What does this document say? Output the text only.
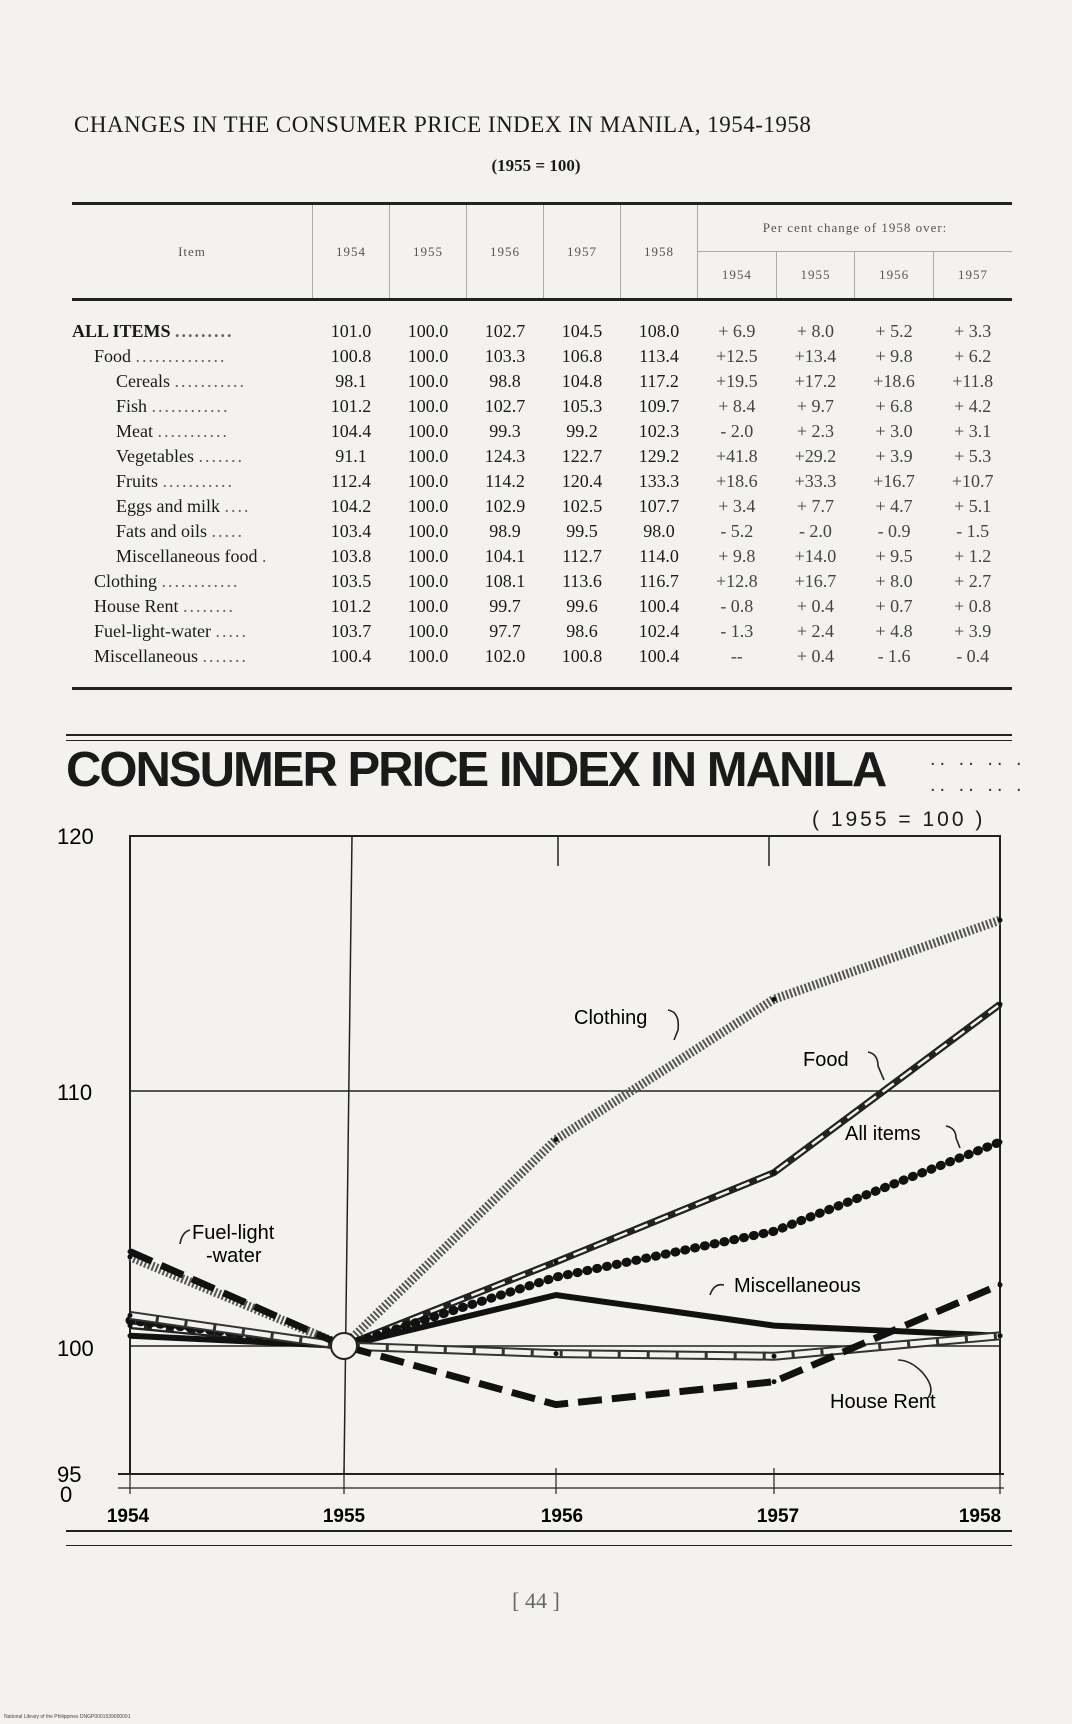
CHANGES IN THE CONSUMER PRICE INDEX IN MANILA, 1954-1958
(1955 = 100)
Item	1954	1955	1956	1957	1958	Per cent change of 1958 over:			
						1954	1955	1956	1957
ALL ITEMS .........	101.0	100.0	102.7	104.5	108.0	+ 6.9	+ 8.0	+ 5.2	+ 3.3
Food ..............	100.8	100.0	103.3	106.8	113.4	+12.5	+13.4	+ 9.8	+ 6.2
Cereals ...........	98.1	100.0	98.8	104.8	117.2	+19.5	+17.2	+18.6	+11.8
Fish ............	101.2	100.0	102.7	105.3	109.7	+ 8.4	+ 9.7	+ 6.8	+ 4.2
Meat ...........	104.4	100.0	99.3	99.2	102.3	- 2.0	+ 2.3	+ 3.0	+ 3.1
Vegetables .......	91.1	100.0	124.3	122.7	129.2	+41.8	+29.2	+ 3.9	+ 5.3
Fruits ...........	112.4	100.0	114.2	120.4	133.3	+18.6	+33.3	+16.7	+10.7
Eggs and milk ....	104.2	100.0	102.9	102.5	107.7	+ 3.4	+ 7.7	+ 4.7	+ 5.1
Fats and oils .....	103.4	100.0	98.9	99.5	98.0	- 5.2	- 2.0	- 0.9	- 1.5
Miscellaneous food .	103.8	100.0	104.1	112.7	114.0	+ 9.8	+14.0	+ 9.5	+ 1.2
Clothing ............	103.5	100.0	108.1	113.6	116.7	+12.8	+16.7	+ 8.0	+ 2.7
House Rent ........	101.2	100.0	99.7	99.6	100.4	- 0.8	+ 0.4	+ 0.7	+ 0.8
Fuel-light-water .....	103.7	100.0	97.7	98.6	102.4	- 1.3	+ 2.4	+ 4.8	+ 3.9
Miscellaneous .......	100.4	100.0	102.0	100.8	100.4	--	+ 0.4	- 1.6	- 0.4
CONSUMER PRICE INDEX IN MANILA .. .. .. .
.. .. .. .
( 1955 = 100 )
120
110
100
95
0
1954	1955	1956	1957	1958
Clothing
Food
All items
Miscellaneous
House Rent
Fuel-light
-water
[ 44 ]
National Library of the Philippines DNGP0001539000091
